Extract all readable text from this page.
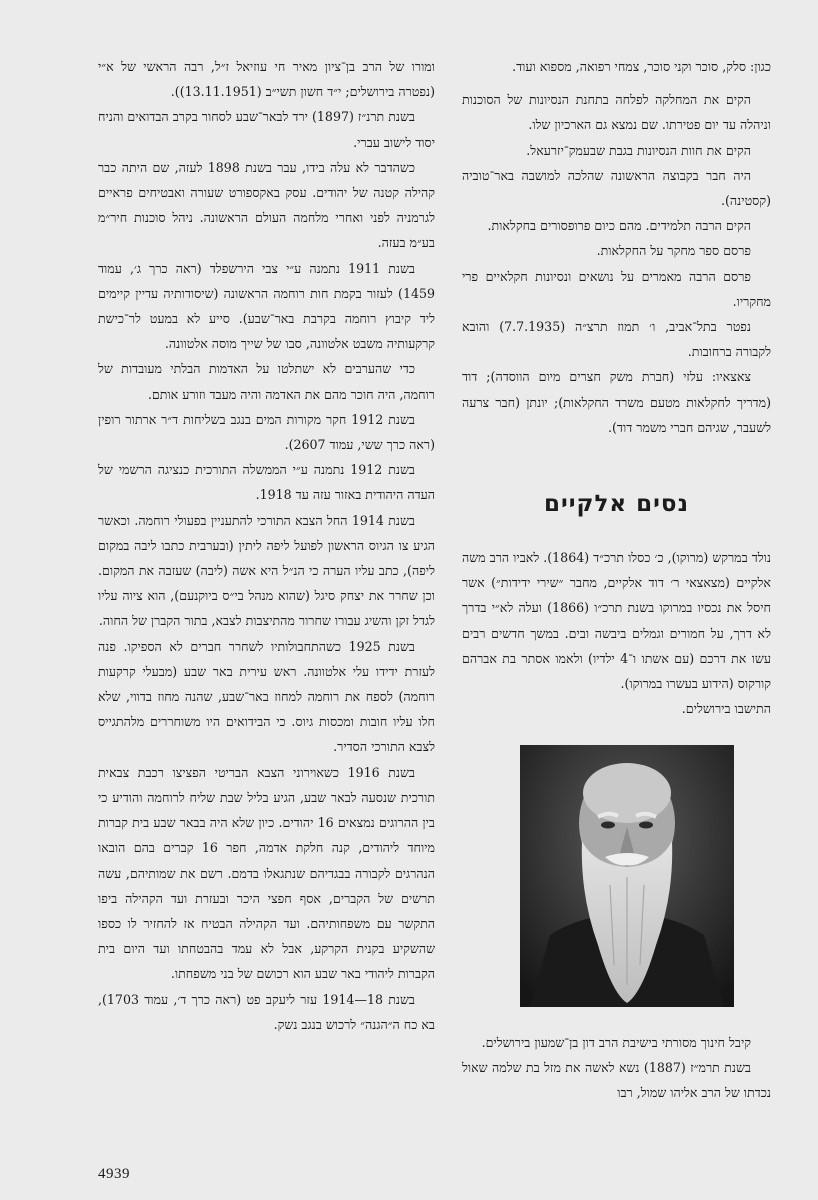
כגון: סלק, סוכר וקני סוכר, צמחי רפואה, מספוא ועוד.

הקים את המחלקה לפלחה בתחנת הנסיונות של הסוכנות וניהלה עד יום פטירתו. שם נמצא גם הארכיון שלו.

הקים את חוות הנסיונות בגבת שבעמק־יזרעאל.

היה חבר בקבוצה הראשונה שהלכה למושבה באר־טוביה (קסטינה).

הקים הרבה תלמידים. מהם כיום פרופסורים בחקלאות.

פרסם ספר מחקר על החקלאות.

פרסם הרבה מאמרים על נושאים ונסיונות חקלאיים פרי מחקריו.

נפטר בתל־אביב, ו׳ תמוז תרצ״ה (7.7.1935) והובא לקבורה ברחובות.

צאצאיו: עלזי (חברת משק חצרים מיום הווסדה); דוד (מדריך לחקלאות מטעם משרד החקלאות); יונתן (חבר צרעה לשעבר, שגיהם חברי משמר דוד).

נסים אלקיים

נולד במרקש (מרוקו), כ׳ כסלו תרכ״ד (1864). לאביו הרב משה אלקיים (מצאצאי ר׳ דוד אלקיים, מחבר ״שירי ידידות״) אשר חיסל את נכסיו במרוקו בשנת תרכ״ו (1866) ועלה לא״י בדרך לא דרך, על חמורים וגמלים ביבשה ובים. במשך חדשים רבים עשו את דרכם (עם אשתו ו־4 ילדיו) ולאמו אסתר בת אברהם קורקוס (הידוע בעשרו במרוקו).

התישבו בירושלים.

קיבל חינוך מסורתי בישיבת הרב דון בן־שמעון בירושלים.

בשנת תרמ״ז (1887) נשא לאשה את מזל בת שלמה שאול נכדתו של הרב אליהו שמול, רבו

ומורו של הרב בן־ציון מאיר חי עוזיאל ז״ל, רבה הראשי של א״י (נפטרה בירושלים; י״ד חשון תשי״ב (13.11.1951)).

בשנת תרנ״ז (1897) ירד לבאר־שבע לסחור בקרב הבדואים והניח יסוד לישוב עברי.

כשהדבר לא עלה בידו, עבר בשנת 1898 לעזה, שם היתה כבר קהילה קטנה של יהודים. עסק באקספורט שעורה ואבטיחים פראיים לגרמניה לפני ואחרי מלחמה העולם הראשונה. ניהל סוכנות חיר״מ בע״מ בעזה.

בשנת 1911 נתמנה ע״י צבי הירשפלד (ראה כרך ג׳, עמוד 1459) לעזור בקמת חות רוחמה הראשונה (שיסודותיה עדיין קיימים ליד קיבוץ רוחמה בקרבת באר־שבע). סייע לא במעט לר־כישת קרקעותיה משבט אלטוונה, סבו של שייך מוסה אלטוונה.

כדי שהערבים לא ישתלטו על האדמות הבלתי מעובדות של רוחמה, היה חוכר מהם את האדמה והיה מעבד וזורע אותם.

בשנת 1912 חקר מקורות המים בנגב בשליחות ד״ר ארתור רופין (ראה כרך ששי, עמוד 2607).

בשנת 1912 נתמנה ע״י הממשלה התורכית כנציגה הרשמי של העדה היהודית באזור עזה עד 1918.

בשנת 1914 החל הצבא התורכי להתעניין בפעולי רוחמה. וכאשר הגיע צו הגיוס הראשון לפועל ליפה ליתין (ובערבית כתבו ליבה במקום ליפה), כתב עליו הערה כי הנ״ל היא אשה (ליבה) שעזבה את המקום. וכן שחרר את יצחק סיגל (שהוא מנהל בי״ס ביוקנעם), הוא ציוה עליו לגדל זקן והשיג עבורו שחרור מהתיצבות לצבא, בתור הקברן של החוה.

בשנת 1925 כשהתחבולותיו לשחרר חברים לא הספיקו. פנה לעזרת ידידו עלי אלטוונה. ראש עירית באר שבע (מבעלי קרקעות רוחמה) לספח את רוחמה למחוז באר־שבע, שהנה מחוז בדווי, שלא חלו עליו חובות ומכסות גיוס. כי הבידואים היו משוחררים מלהתגייס לצבא התורכי הסדיר.

בשנת 1916 כשאוירוני הצבא הבריטי הפציצו רכבת צבאית תורכית שנסעה לבאר שבע, הגיע בליל שבת שליח לרוחמה והודיע כי בין ההרוגים נמצאים 16 יהודים. כיון שלא היה בבאר שבע בית קברות מיוחד ליהודים, קנה חלקת אדמה, חפר 16 קברים בהם הובאו הנהרגים לקבורה בבגדיהם שנתגאלו בדמם. רשם את שמותיהם, עשה תרשים של הקברים, אסף חפצי היכר ובעזרת ועד הקהילה ביפו התקשר עם משפחותיהם. ועד הקהילה הבטיח אז להחזיר לו כספו שהשקיע בקנית הקרקע, אבל לא עמד בהבטחתו ועד היום בית הקברות ליהודי באר שבע הוא רכושם של בני משפחתו.

בשנת 18—1914 עזר ליעקב פט (ראה כרך ד׳, עמוד 1703), בא כח ה״הגנה״ לרכוש בנגב נשק.

4939
